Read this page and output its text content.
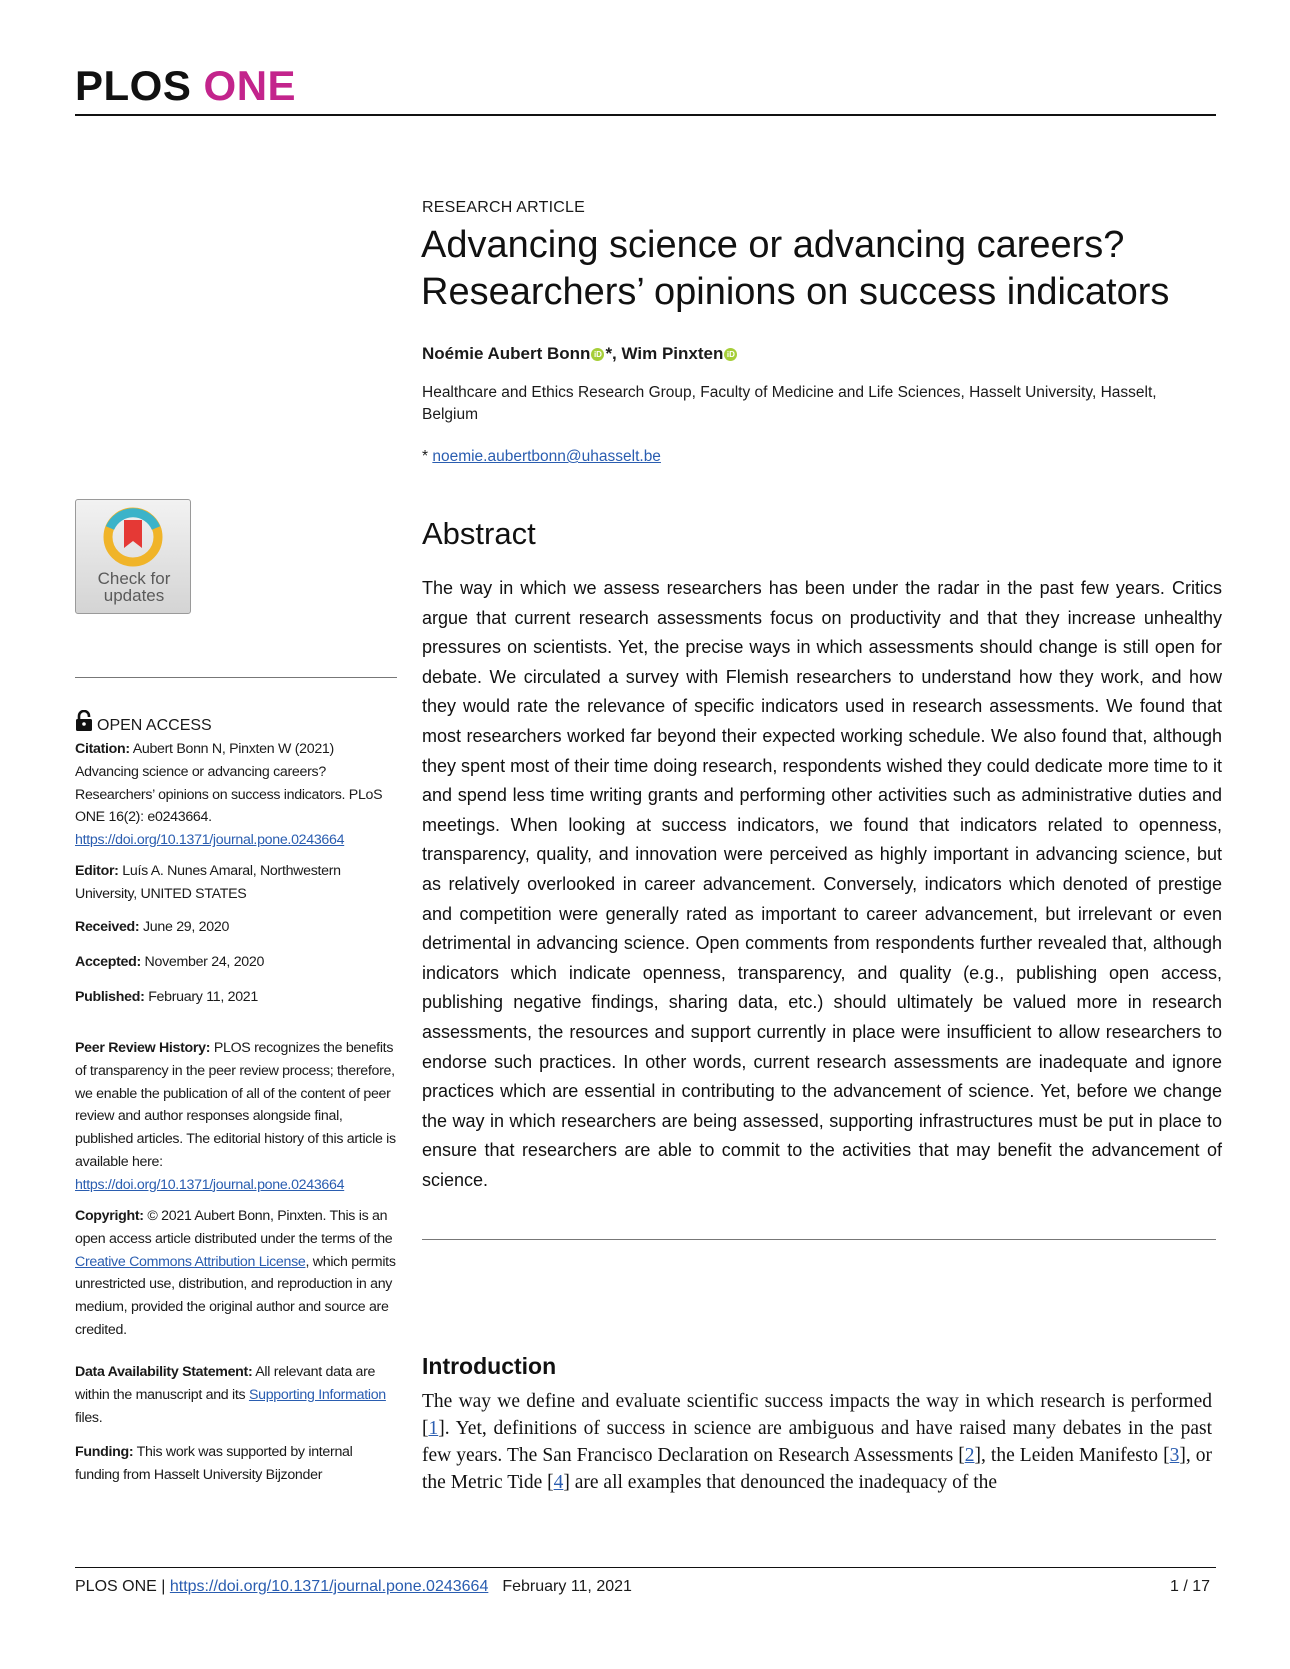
PLOS ONE
RESEARCH ARTICLE
Advancing science or advancing careers?
Researchers’ opinions on success indicators
Noémie Aubert Bonn iD *, Wim Pinxten iD
Healthcare and Ethics Research Group, Faculty of Medicine and Life Sciences, Hasselt University, Hasselt, Belgium
* noemie.aubertbonn@uhasselt.be
Check for
updates
OPEN ACCESS
Citation: Aubert Bonn N, Pinxten W (2021) Advancing science or advancing careers? Researchers’ opinions on success indicators. PLoS ONE 16(2): e0243664. https://doi.org/10.1371/journal.pone.0243664
Editor: Luís A. Nunes Amaral, Northwestern University, UNITED STATES
Received: June 29, 2020
Accepted: November 24, 2020
Published: February 11, 2021
Peer Review History: PLOS recognizes the benefits of transparency in the peer review process; therefore, we enable the publication of all of the content of peer review and author responses alongside final, published articles. The editorial history of this article is available here: https://doi.org/10.1371/journal.pone.0243664
Copyright: © 2021 Aubert Bonn, Pinxten. This is an open access article distributed under the terms of the Creative Commons Attribution License, which permits unrestricted use, distribution, and reproduction in any medium, provided the original author and source are credited.
Data Availability Statement: All relevant data are within the manuscript and its Supporting Information files.
Funding: This work was supported by internal funding from Hasselt University Bijzonder
Abstract
The way in which we assess researchers has been under the radar in the past few years. Critics argue that current research assessments focus on productivity and that they increase unhealthy pressures on scientists. Yet, the precise ways in which assessments should change is still open for debate. We circulated a survey with Flemish researchers to understand how they work, and how they would rate the relevance of specific indicators used in research assessments. We found that most researchers worked far beyond their expected working schedule. We also found that, although they spent most of their time doing research, respondents wished they could dedicate more time to it and spend less time writing grants and performing other activities such as administrative duties and meetings. When looking at success indicators, we found that indicators related to openness, transparency, quality, and innovation were perceived as highly important in advancing science, but as relatively overlooked in career advancement. Conversely, indicators which denoted of prestige and competition were generally rated as important to career advancement, but irrelevant or even detrimental in advancing science. Open comments from respondents further revealed that, although indicators which indicate openness, transparency, and quality (e.g., publishing open access, publishing negative findings, sharing data, etc.) should ultimately be valued more in research assessments, the resources and support currently in place were insufficient to allow researchers to endorse such practices. In other words, current research assessments are inadequate and ignore practices which are essential in contributing to the advancement of science. Yet, before we change the way in which researchers are being assessed, supporting infrastructures must be put in place to ensure that researchers are able to commit to the activities that may benefit the advancement of science.
Introduction
The way we define and evaluate scientific success impacts the way in which research is performed [1]. Yet, definitions of success in science are ambiguous and have raised many debates in the past few years. The San Francisco Declaration on Research Assessments [2], the Leiden Manifesto [3], or the Metric Tide [4] are all examples that denounced the inadequacy of the
PLOS ONE | https://doi.org/10.1371/journal.pone.0243664 February 11, 2021	1 / 17
